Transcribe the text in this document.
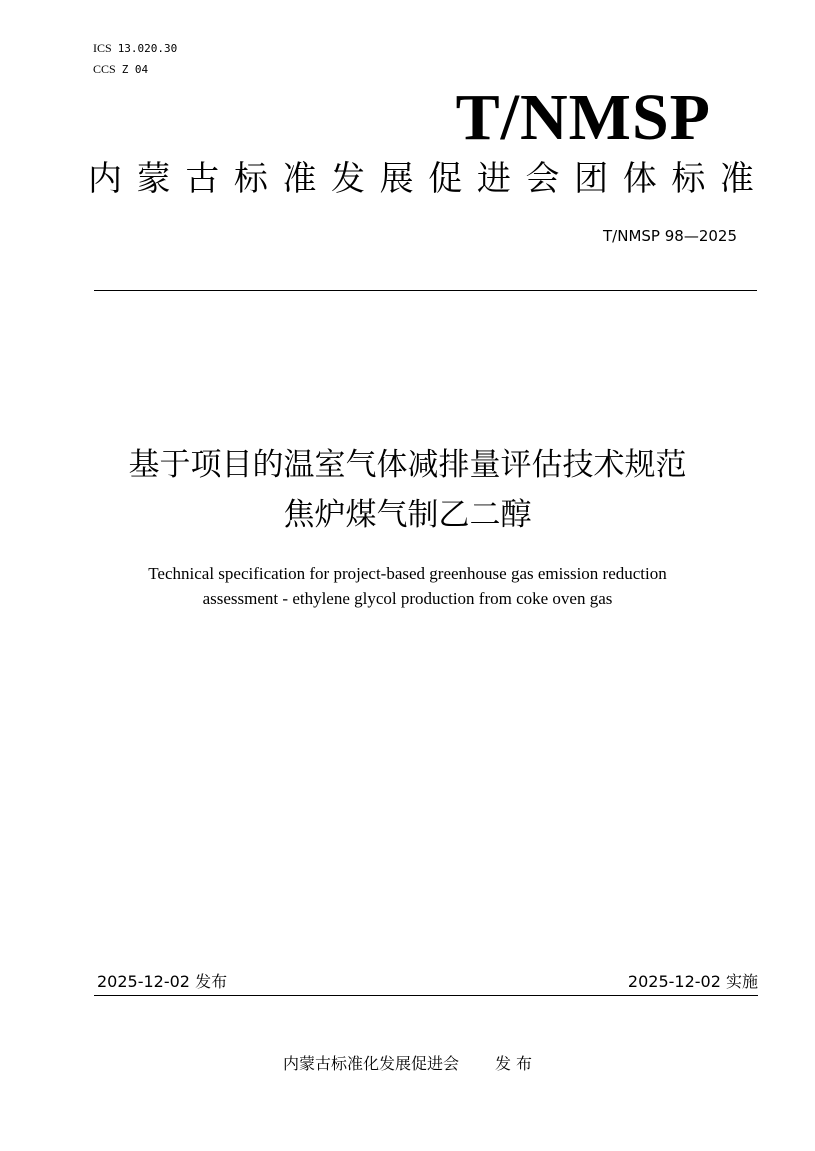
ICS 13.020.30
CCS Z 04
T/NMSP
内 蒙 古 标 准 发 展 促 进 会 团 体 标 准
T/NMSP 98—2025
基于项目的温室气体减排量评估技术规范
焦炉煤气制乙二醇
Technical specification for project-based greenhouse gas emission reduction
assessment - ethylene glycol production from coke oven gas
2025-12-02 发布	2025-12-02 实施
内蒙古标准化发展促进会 发 布
